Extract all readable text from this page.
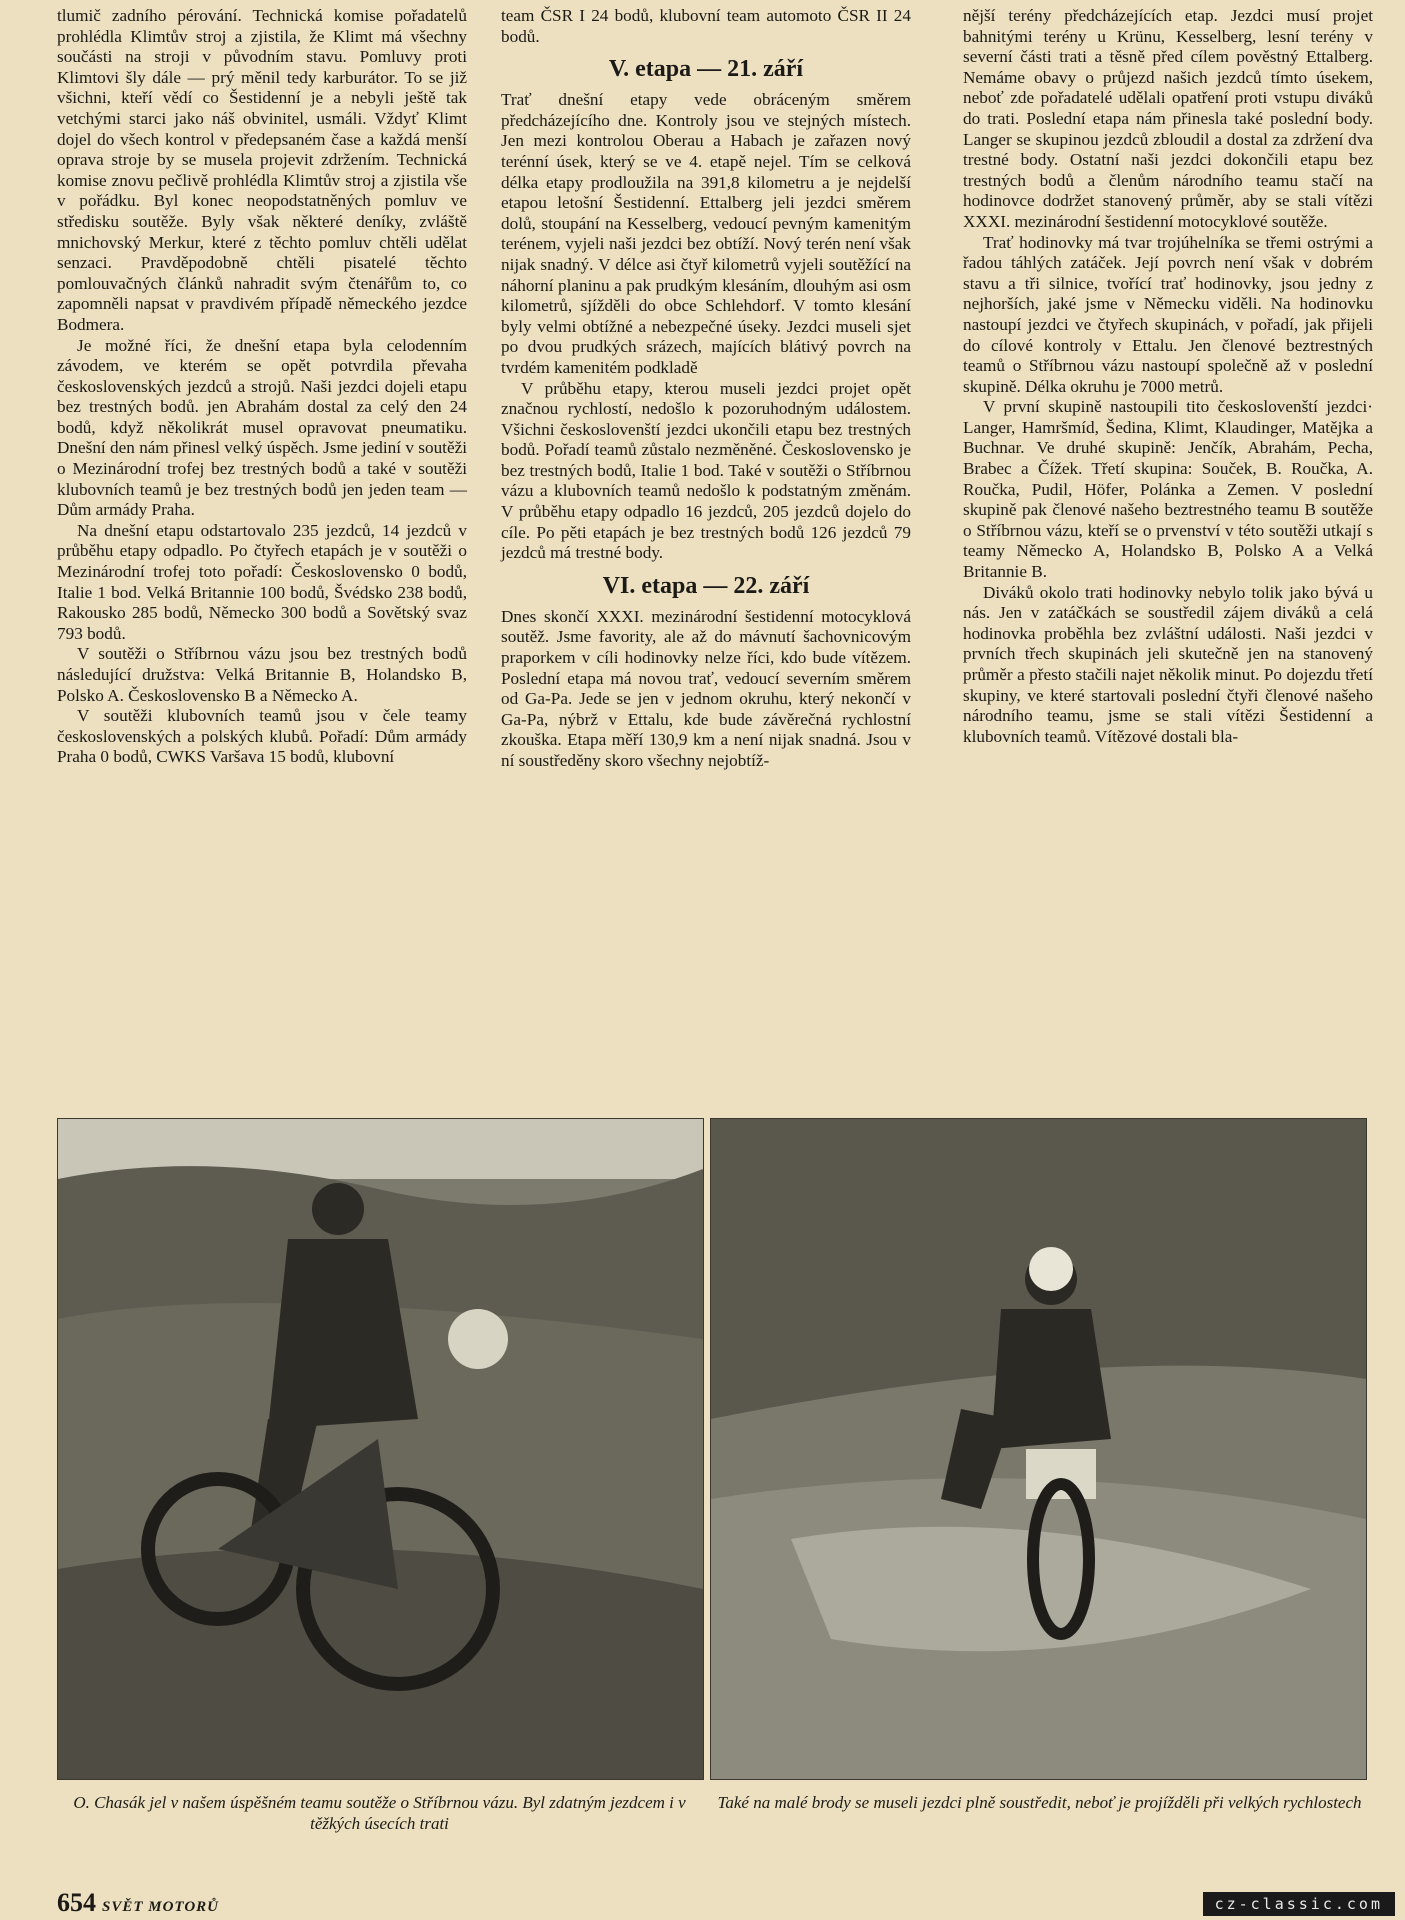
tlumič zadního pérování. Technická komise pořadatelů prohlédla Klimtův stroj a zjistila, že Klimt má všechny součásti na stroji v původním stavu. Pomluvy proti Klimtovi šly dále — prý měnil tedy karburátor. To se již všichni, kteří vědí co Šestidenní je a nebyli ještě tak vetchými starci jako náš obvinitel, usmáli. Vždyť Klimt dojel do všech kontrol v předepsaném čase a každá menší oprava stroje by se musela projevit zdržením. Technická komise znovu pečlivě prohlédla Klimtův stroj a zjistila vše v pořádku. Byl konec neopodstatněných pomluv ve středisku soutěže. Byly však některé deníky, zvláště mnichovský Merkur, které z těchto pomluv chtěli udělat senzaci. Pravděpodobně chtěli pisatelé těchto pomlouvačných článků nahradit svým čtenářům to, co zapomněli napsat v pravdivém případě německého jezdce Bodmera.

Je možné říci, že dnešní etapa byla celodenním závodem, ve kterém se opět potvrdila převaha československých jezdců a strojů. Naši jezdci dojeli etapu bez trestných bodů. jen Abrahám dostal za celý den 24 bodů, když několikrát musel opravovat pneumatiku. Dnešní den nám přinesl velký úspěch. Jsme jediní v soutěži o Mezinárodní trofej bez trestných bodů a také v soutěži klubovních teamů je bez trestných bodů jen jeden team — Dům armády Praha.

Na dnešní etapu odstartovalo 235 jezdců, 14 jezdců v průběhu etapy odpadlo. Po čtyřech etapách je v soutěži o Mezinárodní trofej toto pořadí: Československo 0 bodů, Italie 1 bod. Velká Britannie 100 bodů, Švédsko 238 bodů, Rakousko 285 bodů, Německo 300 bodů a Sovětský svaz 793 bodů.

V soutěži o Stříbrnou vázu jsou bez trestných bodů následující družstva: Velká Britannie B, Holandsko B, Polsko A. Československo B a Německo A.

V soutěži klubovních teamů jsou v čele teamy československých a polských klubů. Pořadí: Dům armády Praha 0 bodů, CWKS Varšava 15 bodů, klubovní

team ČSR I 24 bodů, klubovní team automoto ČSR II 24 bodů.

V. etapa — 21. září

Trať dnešní etapy vede obráceným směrem předcházejícího dne. Kontroly jsou ve stejných místech. Jen mezi kontrolou Oberau a Habach je zařazen nový terénní úsek, který se ve 4. etapě nejel. Tím se celková délka etapy prodloužila na 391,8 kilometru a je nejdelší etapou letošní Šestidenní. Ettalberg jeli jezdci směrem dolů, stoupání na Kesselberg, vedoucí pevným kamenitým terénem, vyjeli naši jezdci bez obtíží. Nový terén není však nijak snadný. V délce asi čtyř kilometrů vyjeli soutěžící na náhorní planinu a pak prudkým klesáním, dlouhým asi osm kilometrů, sjížděli do obce Schlehdorf. V tomto klesání byly velmi obtížné a nebezpečné úseky. Jezdci museli sjet po dvou prudkých srázech, majících blátivý povrch na tvrdém kamenitém podkladě

V průběhu etapy, kterou museli jezdci projet opět značnou rychlostí, nedošlo k pozoruhodným událostem. Všichni českoslovenští jezdci ukončili etapu bez trestných bodů. Pořadí teamů zůstalo nezměněné. Československo je bez trestných bodů, Italie 1 bod. Také v soutěži o Stříbrnou vázu a klubovních teamů nedošlo k podstatným změnám. V průběhu etapy odpadlo 16 jezdců, 205 jezdců dojelo do cíle. Po pěti etapách je bez trestných bodů 126 jezdců 79 jezdců má trestné body.

VI. etapa — 22. září

Dnes skončí XXXI. mezinárodní šestidenní motocyklová soutěž. Jsme favority, ale až do mávnutí šachovnicovým praporkem v cíli hodinovky nelze říci, kdo bude vítězem. Poslední etapa má novou trať, vedoucí severním směrem od Ga-Pa. Jede se jen v jednom okruhu, který nekončí v Ga-Pa, nýbrž v Ettalu, kde bude závěrečná rychlostní zkouška. Etapa měří 130,9 km a není nijak snadná. Jsou v ní soustředěny skoro všechny nejobtíž-

nější terény předcházejících etap. Jezdci musí projet bahnitými terény u Krünu, Kesselberg, lesní terény v severní části trati a těsně před cílem pověstný Ettalberg. Nemáme obavy o průjezd našich jezdců tímto úsekem, neboť zde pořadatelé udělali opatření proti vstupu diváků do trati. Poslední etapa nám přinesla také poslední body. Langer se skupinou jezdců zbloudil a dostal za zdržení dva trestné body. Ostatní naši jezdci dokončili etapu bez trestných bodů a členům národního teamu stačí na hodinovce dodržet stanovený průměr, aby se stali vítězi XXXI. mezinárodní šestidenní motocyklové soutěže.

Trať hodinovky má tvar trojúhelníka se třemi ostrými a řadou táhlých zatáček. Její povrch není však v dobrém stavu a tři silnice, tvořící trať hodinovky, jsou jedny z nejhorších, jaké jsme v Německu viděli. Na hodinovku nastoupí jezdci ve čtyřech skupinách, v pořadí, jak přijeli do cílové kontroly v Ettalu. Jen členové beztrestných teamů o Stříbrnou vázu nastoupí společně až v poslední skupině. Délka okruhu je 7000 metrů.

V první skupině nastoupili tito českoslovenští jezdci· Langer, Hamršmíd, Šedina, Klimt, Klaudinger, Matějka a Buchnar. Ve druhé skupině: Jenčík, Abrahám, Pecha, Brabec a Čížek. Třetí skupina: Souček, B. Roučka, A. Roučka, Pudil, Höfer, Polánka a Zemen. V poslední skupině pak členové našeho beztrestného teamu B soutěže o Stříbrnou vázu, kteří se o prvenství v této soutěži utkají s teamy Německo A, Holandsko B, Polsko A a Velká Britannie B.

Diváků okolo trati hodinovky nebylo tolik jako bývá u nás. Jen v zatáčkách se soustředil zájem diváků a celá hodinovka proběhla bez zvláštní události. Naši jezdci v prvních třech skupinách jeli skutečně jen na stanovený průměr a přesto stačili najet několik minut. Po dojezdu třetí skupiny, ve které startovali poslední čtyři členové našeho národního teamu, jsme se stali vítězi Šestidenní a klubovních teamů. Vítězové dostali bla-

O. Chasák jel v našem úspěšném teamu soutěže o Stříbrnou vázu. Byl zdatným jezdcem i v těžkých úsecích trati
Také na malé brody se museli jezdci plně soustředit, neboť je projížděli při velkých rychlostech
654 SVĚT MOTORŮ	cz-classic.com
